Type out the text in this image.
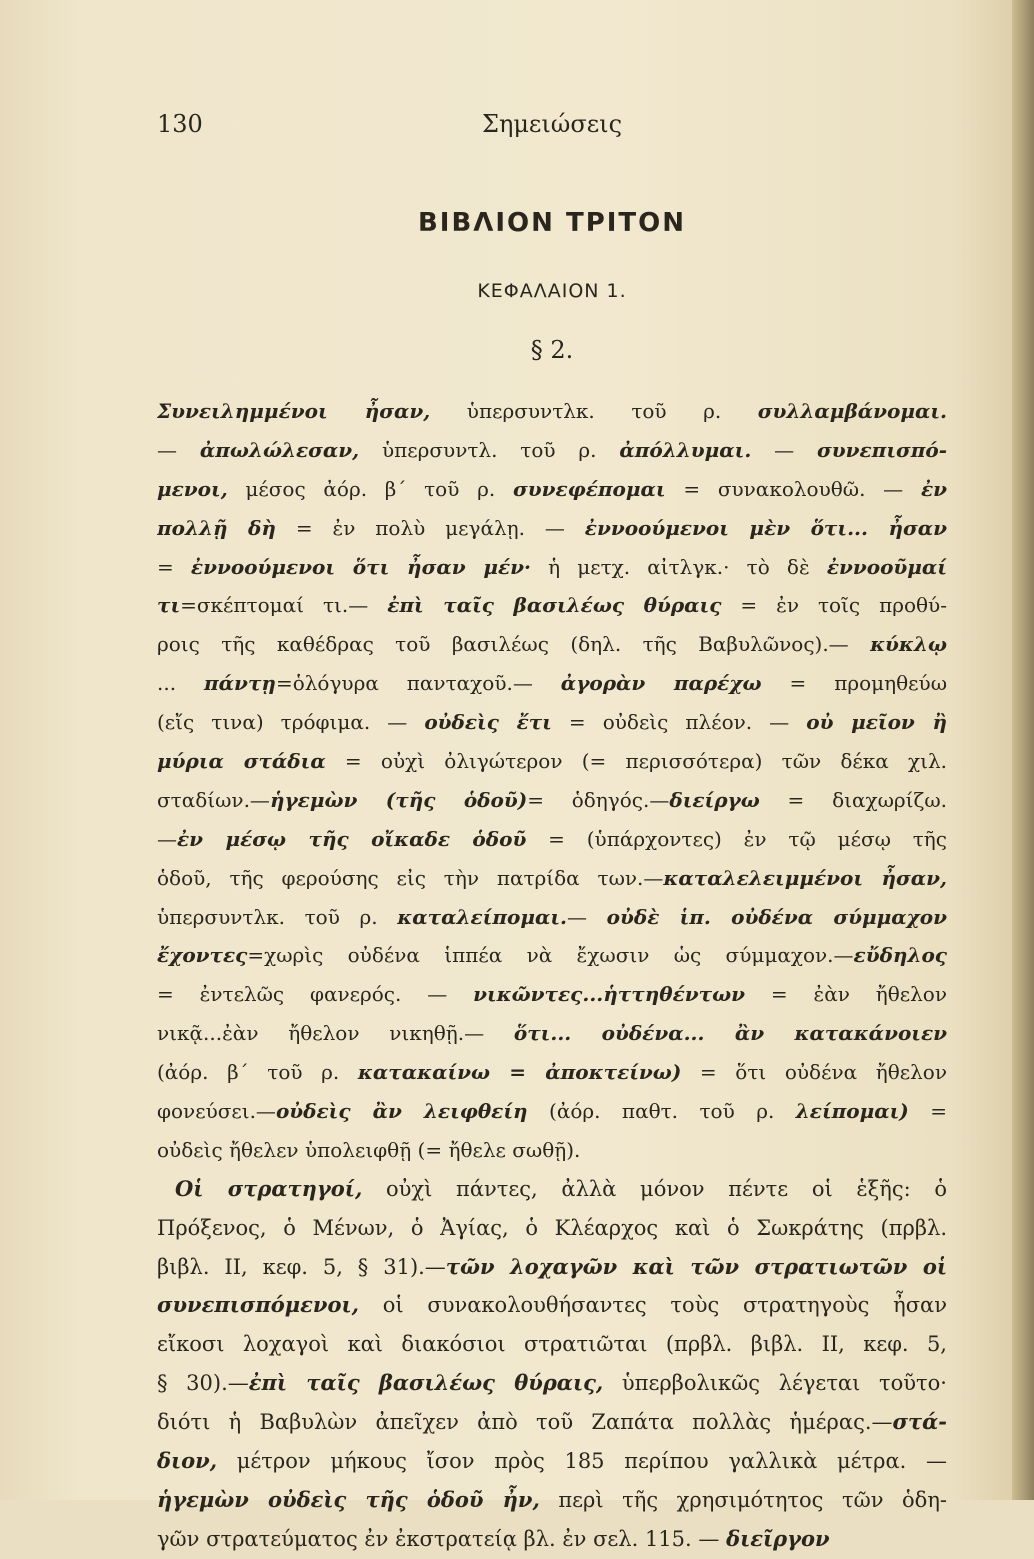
130	Σημειώσεις
ΒΙΒΛΙΟΝ ΤΡΙΤΟΝ
ΚΕΦΑΛΑΙΟΝ 1.
§ 2.
Συνειλημμένοι ἦσαν, ὑπερσυντλκ. τοῦ ρ. συλλαμβάνομαι.
— ἀπωλώλεσαν, ὑπερσυντλ. τοῦ ρ. ἀπόλλυμαι. — συνεπισπό-
μενοι, μέσος ἀόρ. β΄ τοῦ ρ. συνεφέπομαι = συνακολουθῶ. — ἐν
πολλῇ δὴ = ἐν πολὺ μεγάλῃ. — ἐννοούμενοι μὲν ὅτι... ἦσαν
= ἐννοούμενοι ὅτι ἦσαν μέν· ἡ μετχ. αἰτλγκ.· τὸ δὲ ἐννοοῦμαί
τι=σκέπτομαί τι.— ἐπὶ ταῖς βασιλέως θύραις = ἐν τοῖς προθύ-
ροις τῆς καθέδρας τοῦ βασιλέως (δηλ. τῆς Βαβυλῶνος).— κύκλῳ
... πάντῃ=ὁλόγυρα πανταχοῦ.— ἀγορὰν παρέχω = προμηθεύω
(εἴς τινα) τρόφιμα. — οὐδεὶς ἔτι = οὐδεὶς πλέον. — οὐ μεῖον ἢ
μύρια στάδια = οὐχὶ ὀλιγώτερον (= περισσότερα) τῶν δέκα χιλ.
σταδίων.—ἡγεμὼν (τῆς ὁδοῦ)= ὁδηγός.—διείργω = διαχωρίζω.
—ἐν μέσῳ τῆς οἴκαδε ὁδοῦ = (ὑπάρχοντες) ἐν τῷ μέσῳ τῆς
ὁδοῦ, τῆς φερούσης εἰς τὴν πατρίδα των.—καταλελειμμένοι ἦσαν,
ὑπερσυντλκ. τοῦ ρ. καταλείπομαι.— οὐδὲ ἱπ. οὐδένα σύμμαχον
ἔχοντες=χωρὶς οὐδένα ἱππέα νὰ ἔχωσιν ὡς σύμμαχον.—εὔδηλος
= ἐντελῶς φανερός. — νικῶντες...ἡττηθέντων = ἐὰν ἤθελον
νικᾷ...ἐὰν ἤθελον νικηθῇ.— ὅτι... οὐδένα... ἂν κατακάνοιεν
(ἀόρ. β΄ τοῦ ρ. κατακαίνω = ἀποκτείνω) = ὅτι οὐδένα ἤθελον
φονεύσει.—οὐδεὶς ἂν λειφθείη (ἀόρ. παθτ. τοῦ ρ. λείπομαι) =
οὐδεὶς ἤθελεν ὑπολειφθῇ (= ἤθελε σωθῇ).
Οἱ στρατηγοί, οὐχὶ πάντες, ἀλλὰ μόνον πέντε οἱ ἑξῆς: ὁ
Πρόξενος, ὁ Μένων, ὁ Ἀγίας, ὁ Κλέαρχος καὶ ὁ Σωκράτης (πρβλ.
βιβλ. ΙΙ, κεφ. 5, § 31).—τῶν λοχαγῶν καὶ τῶν στρατιωτῶν οἱ
συνεπισπόμενοι, οἱ συνακολουθήσαντες τοὺς στρατηγοὺς ἦσαν
εἴκοσι λοχαγοὶ καὶ διακόσιοι στρατιῶται (πρβλ. βιβλ. ΙΙ, κεφ. 5,
§ 30).—ἐπὶ ταῖς βασιλέως θύραις, ὑπερβολικῶς λέγεται τοῦτο·
διότι ἡ Βαβυλὼν ἀπεῖχεν ἀπὸ τοῦ Ζαπάτα πολλὰς ἡμέρας.—στά-
διον, μέτρον μήκους ἴσον πρὸς 185 περίπου γαλλικὰ μέτρα. —
ἡγεμὼν οὐδεὶς τῆς ὁδοῦ ἦν, περὶ τῆς χρησιμότητος τῶν ὁδη-
γῶν στρατεύματος ἐν ἐκστρατείᾳ βλ. ἐν σελ. 115. — διεῖργον
